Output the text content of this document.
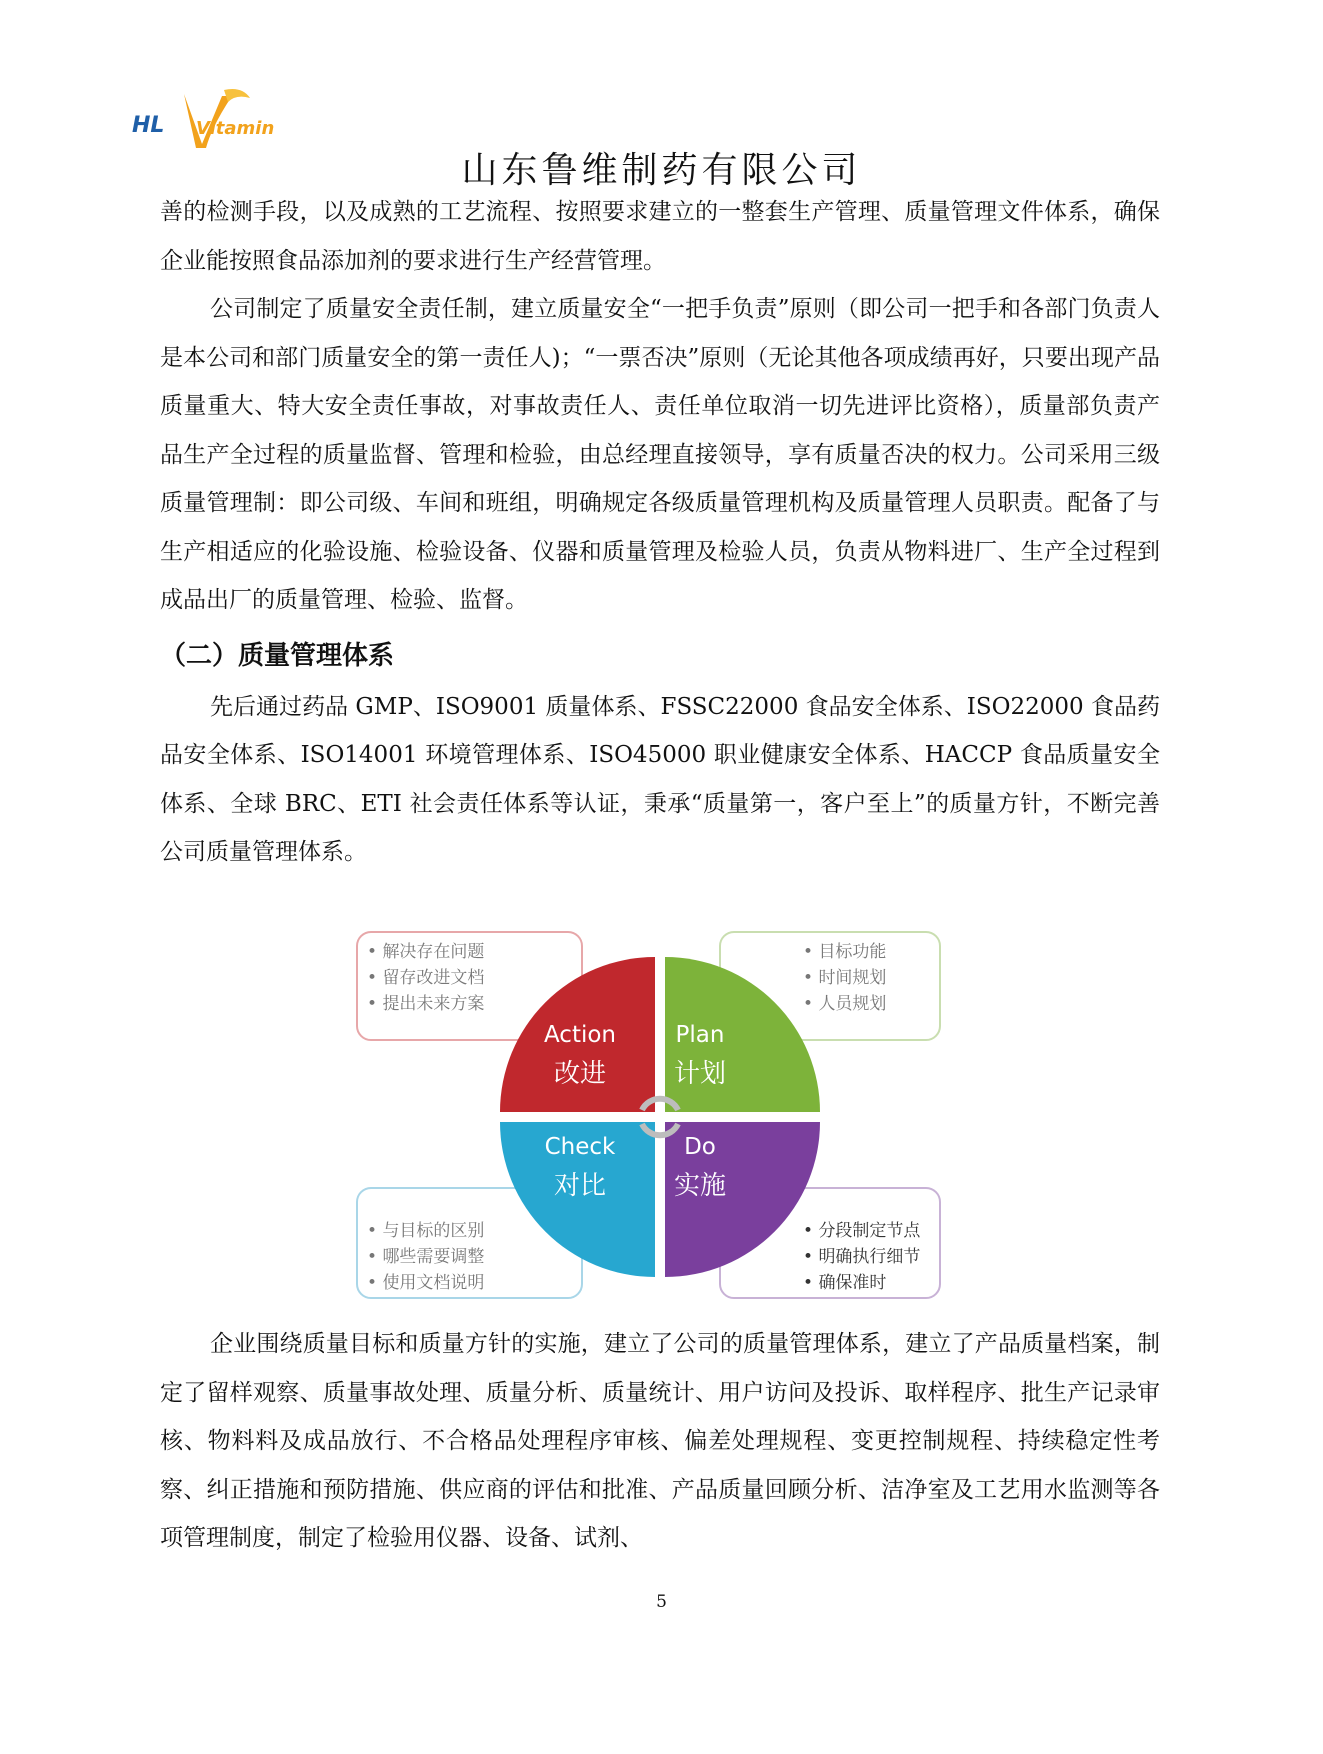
HL Vitamin
山东鲁维制药有限公司

善的检测手段，以及成熟的工艺流程、按照要求建立的一整套生产管理、质量管理文件体系，确保企业能按照食品添加剂的要求进行生产经营管理。

公司制定了质量安全责任制，建立质量安全“一把手负责”原则（即公司一把手和各部门负责人是本公司和部门质量安全的第一责任人)；“一票否决”原则（无论其他各项成绩再好，只要出现产品质量重大、特大安全责任事故，对事故责任人、责任单位取消一切先进评比资格），质量部负责产品生产全过程的质量监督、管理和检验，由总经理直接领导，享有质量否决的权力。公司采用三级质量管理制：即公司级、车间和班组，明确规定各级质量管理机构及质量管理人员职责。配备了与生产相适应的化验设施、检验设备、仪器和质量管理及检验人员，负责从物料进厂、生产全过程到成品出厂的质量管理、检验、监督。

（二）质量管理体系

先后通过药品 GMP、ISO9001 质量体系、FSSC22000 食品安全体系、ISO22000 食品药品安全体系、ISO14001 环境管理体系、ISO45000 职业健康安全体系、HACCP 食品质量安全体系、全球 BRC、ETI 社会责任体系等认证，秉承“质量第一，客户至上”的质量方针，不断完善公司质量管理体系。

• 解决存在问题
• 留存改进文档
• 提出未来方案
• 目标功能
• 时间规划
• 人员规划
• 与目标的区别
• 哪些需要调整
• 使用文档说明
• 分段制定节点
• 明确执行细节
• 确保准时
Action
改进
Plan
计划
Check
对比
Do
实施

企业围绕质量目标和质量方针的实施，建立了公司的质量管理体系，建立了产品质量档案，制定了留样观察、质量事故处理、质量分析、质量统计、用户访问及投诉、取样程序、批生产记录审核、物料料及成品放行、不合格品处理程序审核、偏差处理规程、变更控制规程、持续稳定性考察、纠正措施和预防措施、供应商的评估和批准、产品质量回顾分析、洁净室及工艺用水监测等各项管理制度，制定了检验用仪器、设备、试剂、

5
